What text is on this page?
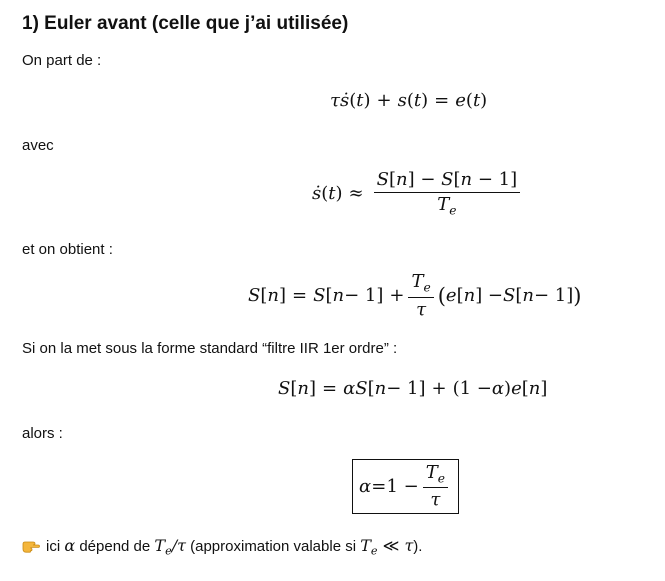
1) Euler avant (celle que j’ai utilisée)
On part de :
τ ṡ ( t )
+ s ( t )
= e ( t )
avec
ṡ ( t )
≈ $\frac{S[n] - S[n - 1]}{T_e}$
et on obtient :
S [ n ]
= S [ n − 1]
+ $\frac{T_e}{\tau}$ ( e [ n ] − S [ n − 1] )
Si on la met sous la forme standard “filtre IIR 1er ordre” :
S [ n ]
= αS [ n − 1]
+
(1 − α ) e [ n ]
alors :
α =
$1 - \frac{T_e}{\tau}$
ici α dépend de $T_e/\tau$ (approximation valable si $T_e$ ≪ τ).
